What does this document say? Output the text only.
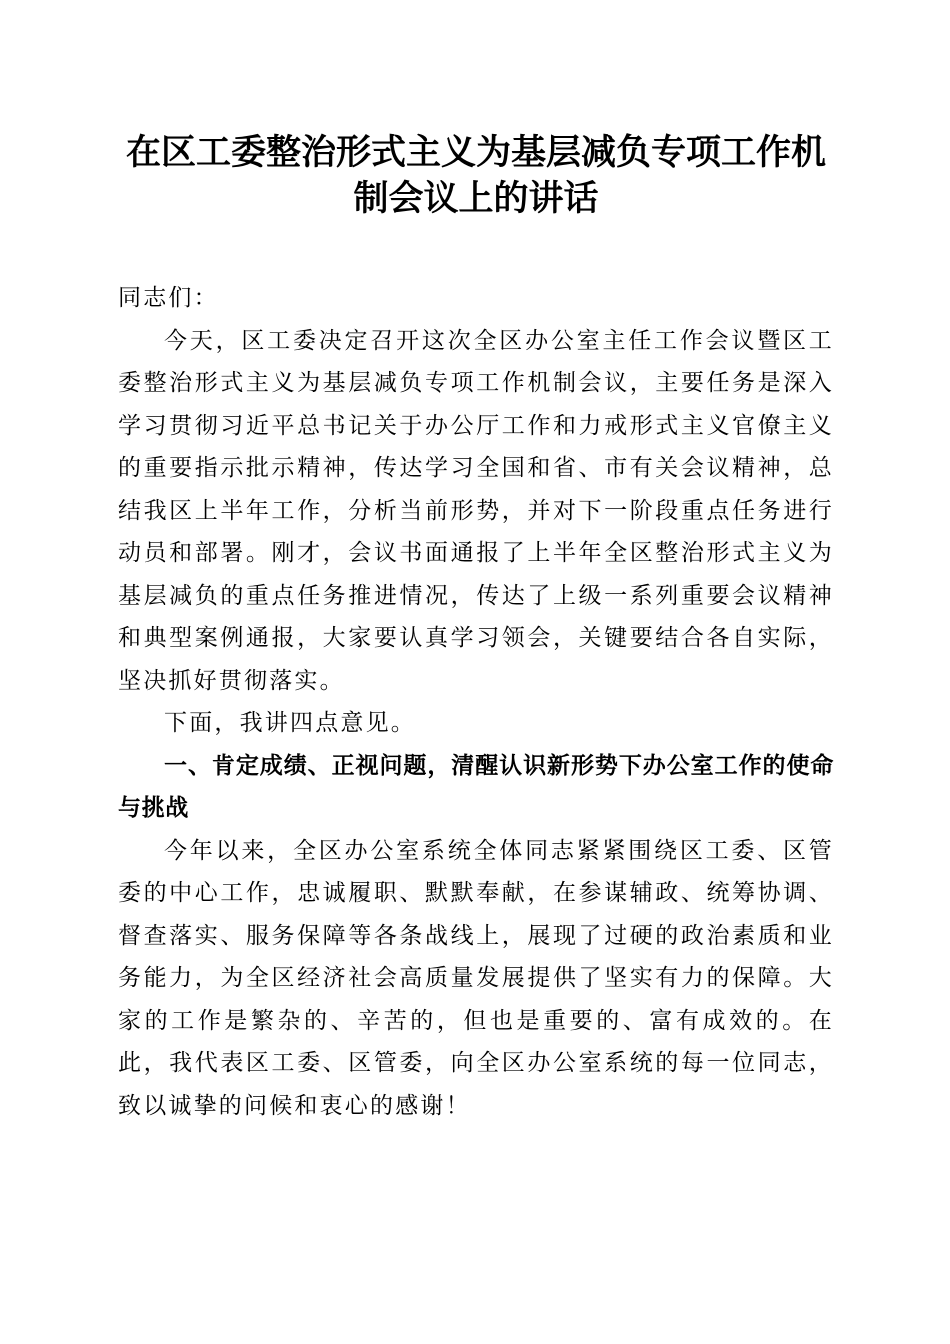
在区工委整治形式主义为基层减负专项工作机
制会议上的讲话

同志们：

今天，区工委决定召开这次全区办公室主任工作会议暨区工委整治形式主义为基层减负专项工作机制会议，主要任务是深入学习贯彻习近平总书记关于办公厅工作和力戒形式主义官僚主义的重要指示批示精神，传达学习全国和省、市有关会议精神，总结我区上半年工作，分析当前形势，并对下一阶段重点任务进行动员和部署。刚才，会议书面通报了上半年全区整治形式主义为基层减负的重点任务推进情况，传达了上级一系列重要会议精神和典型案例通报，大家要认真学习领会，关键要结合各自实际，坚决抓好贯彻落实。

下面，我讲四点意见。

一、肯定成绩、正视问题，清醒认识新形势下办公室工作的使命与挑战

今年以来，全区办公室系统全体同志紧紧围绕区工委、区管委的中心工作，忠诚履职、默默奉献，在参谋辅政、统筹协调、督查落实、服务保障等各条战线上，展现了过硬的政治素质和业务能力，为全区经济社会高质量发展提供了坚实有力的保障。大家的工作是繁杂的、辛苦的，但也是重要的、富有成效的。在此，我代表区工委、区管委，向全区办公室系统的每一位同志，致以诚挚的问候和衷心的感谢！
